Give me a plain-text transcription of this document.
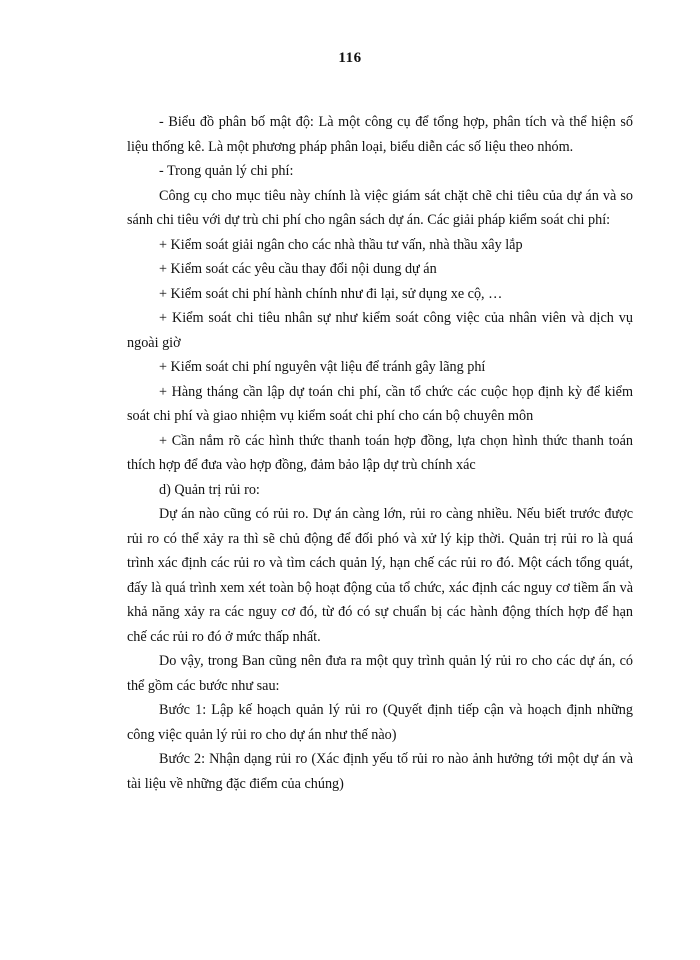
116

- Biểu đồ phân bố mật độ: Là một công cụ để tổng hợp, phân tích và thể hiện số liệu thống kê. Là một phương pháp phân loại, biểu diễn các số liệu theo nhóm.

- Trong quản lý chi phí:

Công cụ cho mục tiêu này chính là việc giám sát chặt chẽ chi tiêu của dự án và so sánh chi tiêu với dự trù chi phí cho ngân sách dự án. Các giải pháp kiểm soát chi phí:

+ Kiểm soát giải ngân cho các nhà thầu tư vấn, nhà thầu xây lắp

+ Kiểm soát các yêu cầu thay đổi nội dung dự án

+ Kiểm soát chi phí hành chính như đi lại, sử dụng xe cộ, …

+ Kiểm soát chi tiêu nhân sự như kiểm soát công việc của nhân viên và dịch vụ ngoài giờ

+ Kiểm soát chi phí nguyên vật liệu để tránh gây lãng phí

+ Hàng tháng cần lập dự toán chi phí, cần tổ chức các cuộc họp định kỳ để kiểm soát chi phí và giao nhiệm vụ kiểm soát chi phí cho cán bộ chuyên môn

+ Cần nắm rõ các hình thức thanh toán hợp đồng, lựa chọn hình thức thanh toán thích hợp để đưa vào hợp đồng, đảm bảo lập dự trù chính xác

d) Quản trị rủi ro:

Dự án nào cũng có rủi ro. Dự án càng lớn, rủi ro càng nhiều. Nếu biết trước được rủi ro có thể xảy ra thì sẽ chủ động để đối phó và xử lý kịp thời. Quản trị rủi ro là quá trình xác định các rủi ro và tìm cách quản lý, hạn chế các rủi ro đó. Một cách tổng quát, đấy là quá trình xem xét toàn bộ hoạt động của tổ chức, xác định các nguy cơ tiềm ẩn và khả năng xảy ra các nguy cơ đó, từ đó có sự chuẩn bị các hành động thích hợp để hạn chế các rủi ro đó ở mức thấp nhất.

Do vậy, trong Ban cũng nên đưa ra một quy trình quản lý rủi ro cho các dự án, có thể gồm các bước như sau:

Bước 1: Lập kế hoạch quản lý rủi ro (Quyết định tiếp cận và hoạch định những công việc quản lý rủi ro cho dự án như thế nào)

Bước 2: Nhận dạng rủi ro (Xác định yếu tố rủi ro nào ảnh hưởng tới một dự án và tài liệu về những đặc điểm của chúng)
